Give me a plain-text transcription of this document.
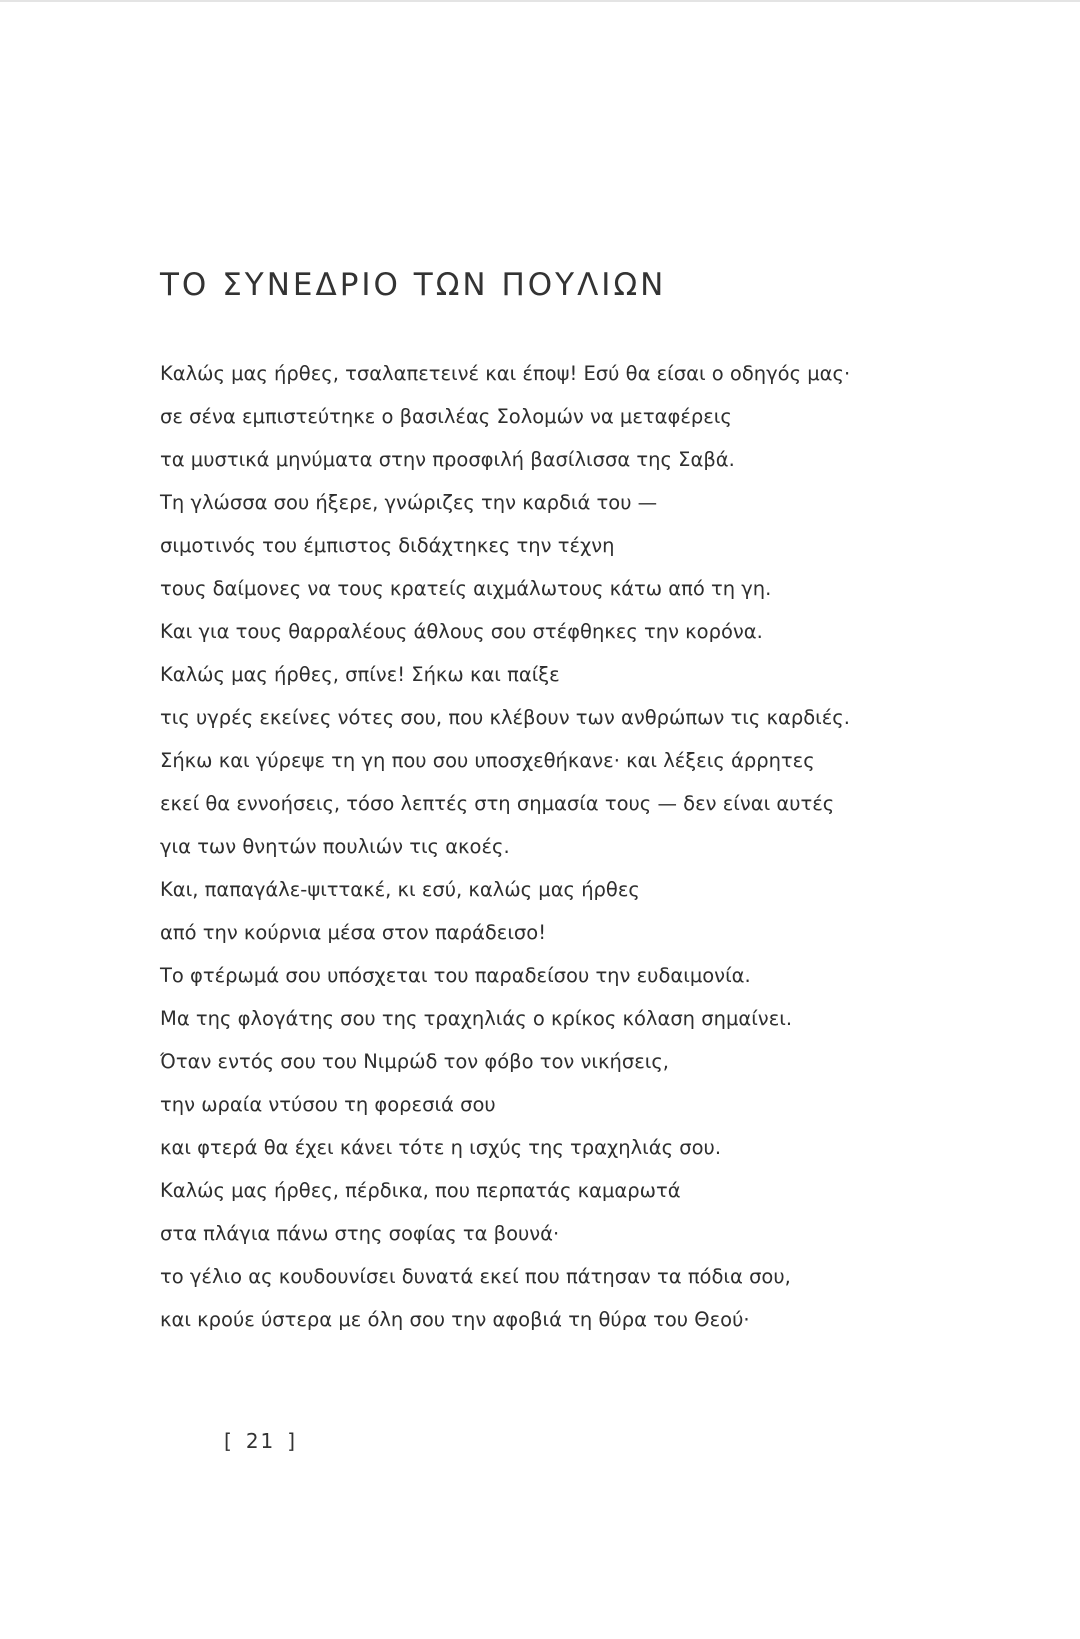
ΤΟ ΣΥΝΕΔΡΙΟ ΤΩΝ ΠΟΥΛΙΩΝ
Καλώς μας ήρθες, τσαλαπετεινέ και έποψ! Εσύ θα είσαι ο οδηγός μας·
σε σένα εμπιστεύτηκε ο βασιλέας Σολομών να μεταφέρεις
τα μυστικά μηνύματα στην προσφιλή βασίλισσα της Σαβά.
Τη γλώσσα σου ήξερε, γνώριζες την καρδιά του —
σιμοτινός του έμπιστος διδάχτηκες την τέχνη
τους δαίμονες να τους κρατείς αιχμάλωτους κάτω από τη γη.
Και για τους θαρραλέους άθλους σου στέφθηκες την κορόνα.
Καλώς μας ήρθες, σπίνε! Σήκω και παίξε
τις υγρές εκείνες νότες σου, που κλέβουν των ανθρώπων τις καρδιές.
Σήκω και γύρεψε τη γη που σου υποσχεθήκανε· και λέξεις άρρητες
εκεί θα εννοήσεις, τόσο λεπτές στη σημασία τους — δεν είναι αυτές
για των θνητών πουλιών τις ακοές.
Και, παπαγάλε-ψιττακέ, κι εσύ, καλώς μας ήρθες
από την κούρνια μέσα στον παράδεισο!
Το φτέρωμά σου υπόσχεται του παραδείσου την ευδαιμονία.
Μα της φλογάτης σου της τραχηλιάς ο κρίκος κόλαση σημαίνει.
Όταν εντός σου του Νιμρώδ τον φόβο τον νικήσεις,
την ωραία ντύσου τη φορεσιά σου
και φτερά θα έχει κάνει τότε η ισχύς της τραχηλιάς σου.
Καλώς μας ήρθες, πέρδικα, που περπατάς καμαρωτά
στα πλάγια πάνω στης σοφίας τα βουνά·
το γέλιο ας κουδουνίσει δυνατά εκεί που πάτησαν τα πόδια σου,
και κρούε ύστερα με όλη σου την αφοβιά τη θύρα του Θεού·
[ 21 ]
